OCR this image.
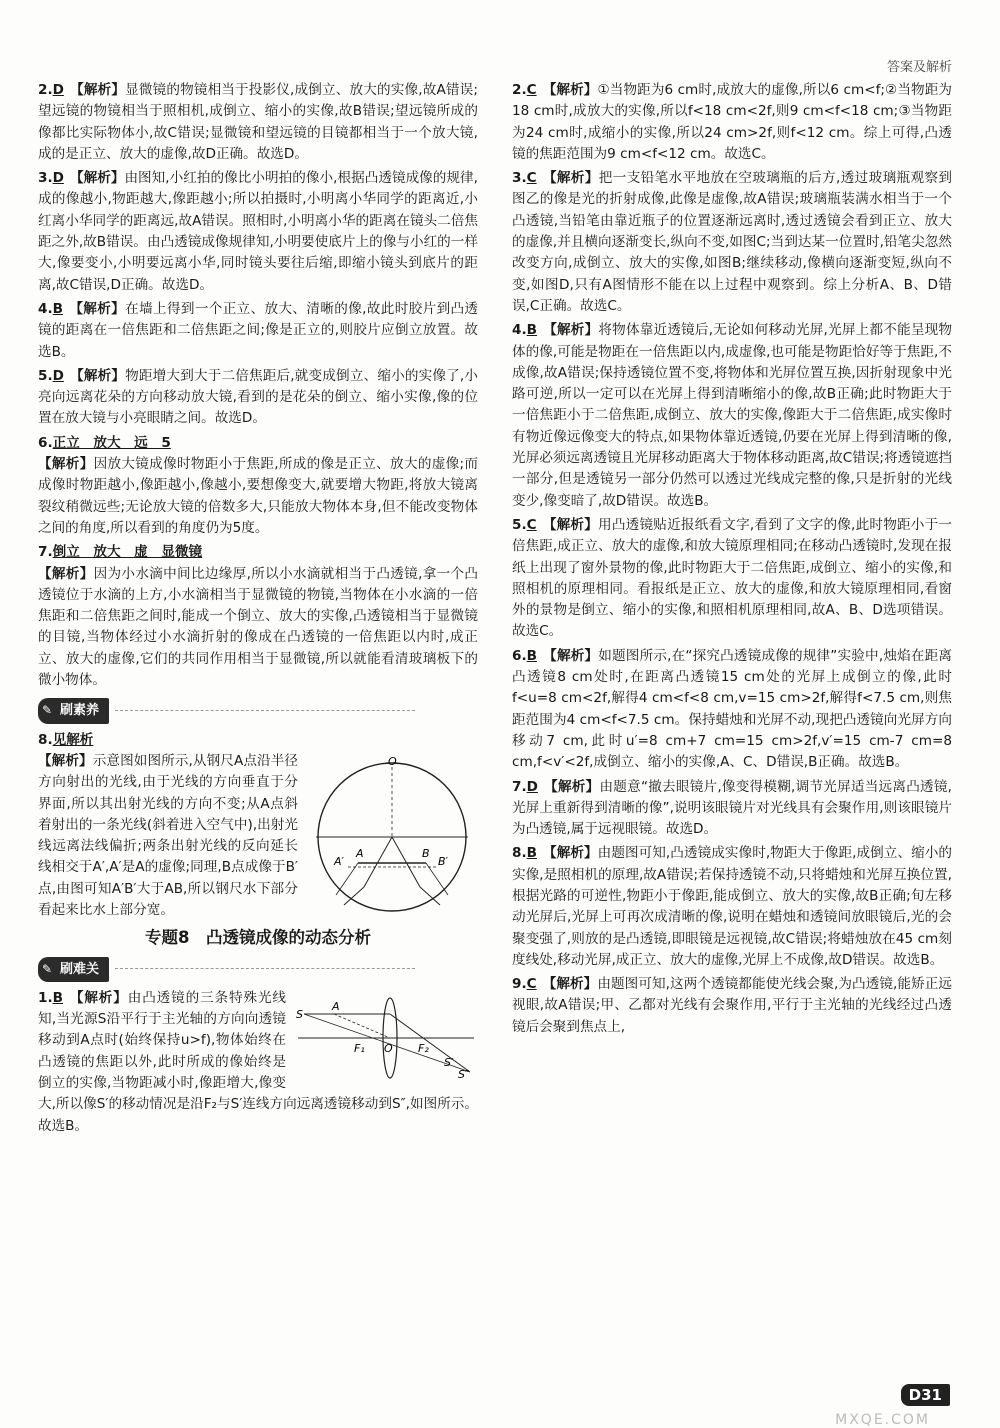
答案及解析
2.D 【解析】显微镜的物镜相当于投影仪,成倒立、放大的实像,故A错误;望远镜的物镜相当于照相机,成倒立、缩小的实像,故B错误;望远镜所成的像都比实际物体小,故C错误;显微镜和望远镜的目镜都相当于一个放大镜,成的是正立、放大的虚像,故D正确。故选D。
3.D 【解析】由图知,小红拍的像比小明拍的像小,根据凸透镜成像的规律,成的像越小,物距越大,像距越小;所以拍摄时,小明离小华同学的距离近,小红离小华同学的距离远,故A错误。照相时,小明离小华的距离在镜头二倍焦距之外,故B错误。由凸透镜成像规律知,小明要使底片上的像与小红的一样大,像要变小,小明要远离小华,同时镜头要往后缩,即缩小镜头到底片的距离,故C错误,D正确。故选D。
4.B 【解析】在墙上得到一个正立、放大、清晰的像,故此时胶片到凸透镜的距离在一倍焦距和二倍焦距之间;像是正立的,则胶片应倒立放置。故选B。
5.D 【解析】物距增大到大于二倍焦距后,就变成倒立、缩小的实像了,小亮向远离花朵的方向移动放大镜,看到的是花朵的倒立、缩小实像,像的位置在放大镜与小亮眼睛之间。故选D。
6.正立　放大　远　5
【解析】因放大镜成像时物距小于焦距,所成的像是正立、放大的虚像;而成像时物距越小,像距越小,像越小,要想像变大,就要增大物距,将放大镜离裂纹稍微远些;无论放大镜的倍数多大,只能放大物体本身,但不能改变物体之间的角度,所以看到的角度仍为5度。
7.倒立　放大　虚　显微镜
【解析】因为小水滴中间比边缘厚,所以小水滴就相当于凸透镜,拿一个凸透镜位于水滴的上方,小水滴相当于显微镜的物镜,当物体在小水滴的一倍焦距和二倍焦距之间时,能成一个倒立、放大的实像,凸透镜相当于显微镜的目镜,当物体经过小水滴折射的像成在凸透镜的一倍焦距以内时,成正立、放大的虚像,它们的共同作用相当于显微镜,所以就能看清玻璃板下的微小物体。
✎ 刷素养
8.见解析
O
A	B
A′	B′
【解析】示意图如图所示,从钢尺A点沿半径方向射出的光线,由于光线的方向垂直于分界面,所以其出射光线的方向不变;从A点斜着射出的一条光线(斜着进入空气中),出射光线远离法线偏折;两条出射光线的反向延长线相交于A′,A′是A的虚像;同理,B点成像于B′点,由图可知A′B′大于AB,所以钢尺水下部分看起来比水上部分宽。
专题8　凸透镜成像的动态分析
✎ 刷难关
S
A
F₁ O F₂
S′
S″
1.B 【解析】由凸透镜的三条特殊光线知,当光源S沿平行于主光轴的方向向透镜移动到A点时(始终保持u>f),物体始终在凸透镜的焦距以外,此时所成的像始终是倒立的实像,当物距减小时,像距增大,像变大,所以像S′的移动情况是沿F₂与S′连线方向远离透镜移动到S″,如图所示。故选B。
2.C 【解析】①当物距为6 cm时,成放大的虚像,所以6 cm<f;②当物距为18 cm时,成放大的实像,所以f<18 cm<2f,则9 cm<f<18 cm;③当物距为24 cm时,成缩小的实像,所以24 cm>2f,则f<12 cm。综上可得,凸透镜的焦距范围为9 cm<f<12 cm。故选C。
3.C 【解析】把一支铅笔水平地放在空玻璃瓶的后方,透过玻璃瓶观察到图乙的像是光的折射成像,此像是虚像,故A错误;玻璃瓶装满水相当于一个凸透镜,当铅笔由靠近瓶子的位置逐渐远离时,透过透镜会看到正立、放大的虚像,并且横向逐渐变长,纵向不变,如图C;当到达某一位置时,铅笔尖忽然改变方向,成倒立、放大的实像,如图B;继续移动,像横向逐渐变短,纵向不变,如图D,只有A图情形不能在以上过程中观察到。综上分析A、B、D错误,C正确。故选C。
4.B 【解析】将物体靠近透镜后,无论如何移动光屏,光屏上都不能呈现物体的像,可能是物距在一倍焦距以内,成虚像,也可能是物距恰好等于焦距,不成像,故A错误;保持透镜位置不变,将物体和光屏位置互换,因折射现象中光路可逆,所以一定可以在光屏上得到清晰缩小的像,故B正确;此时物距大于一倍焦距小于二倍焦距,成倒立、放大的实像,像距大于二倍焦距,成实像时有物近像远像变大的特点,如果物体靠近透镜,仍要在光屏上得到清晰的像,光屏必须远离透镜且光屏移动距离大于物体移动距离,故C错误;将透镜遮挡一部分,但是透镜另一部分仍然可以透过光线成完整的像,只是折射的光线变少,像变暗了,故D错误。故选B。
5.C 【解析】用凸透镜贴近报纸看文字,看到了文字的像,此时物距小于一倍焦距,成正立、放大的虚像,和放大镜原理相同;在移动凸透镜时,发现在报纸上出现了窗外景物的像,此时物距大于二倍焦距,成倒立、缩小的实像,和照相机的原理相同。看报纸是正立、放大的虚像,和放大镜原理相同,看窗外的景物是倒立、缩小的实像,和照相机原理相同,故A、B、D选项错误。故选C。
6.B 【解析】如题图所示,在“探究凸透镜成像的规律”实验中,烛焰在距离凸透镜8 cm处时,在距离凸透镜15 cm处的光屏上成倒立的像,此时f<u=8 cm<2f,解得4 cm<f<8 cm,v=15 cm>2f,解得f<7.5 cm,则焦距范围为4 cm<f<7.5 cm。保持蜡烛和光屏不动,现把凸透镜向光屏方向移动7 cm,此时u′=8 cm+7 cm=15 cm>2f,v′=15 cm-7 cm=8 cm,f<v′<2f,成倒立、缩小的实像,A、C、D错误,B正确。故选B。
7.D 【解析】由题意“撤去眼镜片,像变得模糊,调节光屏适当远离凸透镜,光屏上重新得到清晰的像”,说明该眼镜片对光线具有会聚作用,则该眼镜片为凸透镜,属于远视眼镜。故选D。
8.B 【解析】由题图可知,凸透镜成实像时,物距大于像距,成倒立、缩小的实像,是照相机的原理,故A错误;若保持透镜不动,只将蜡烛和光屏互换位置,根据光路的可逆性,物距小于像距,能成倒立、放大的实像,故B正确;旬左移动光屏后,光屏上可再次成清晰的像,说明在蜡烛和透镜间放眼镜后,光的会聚变强了,则放的是凸透镜,即眼镜是远视镜,故C错误;将蜡烛放在45 cm刻度线处,移动光屏,成正立、放大的虚像,光屏上不成像,故D错误。故选B。
9.C 【解析】由题图可知,这两个透镜都能使光线会聚,为凸透镜,能矫正远视眼,故A错误;甲、乙都对光线有会聚作用,平行于主光轴的光线经过凸透镜后会聚到焦点上,
MXQE.COM
D31
